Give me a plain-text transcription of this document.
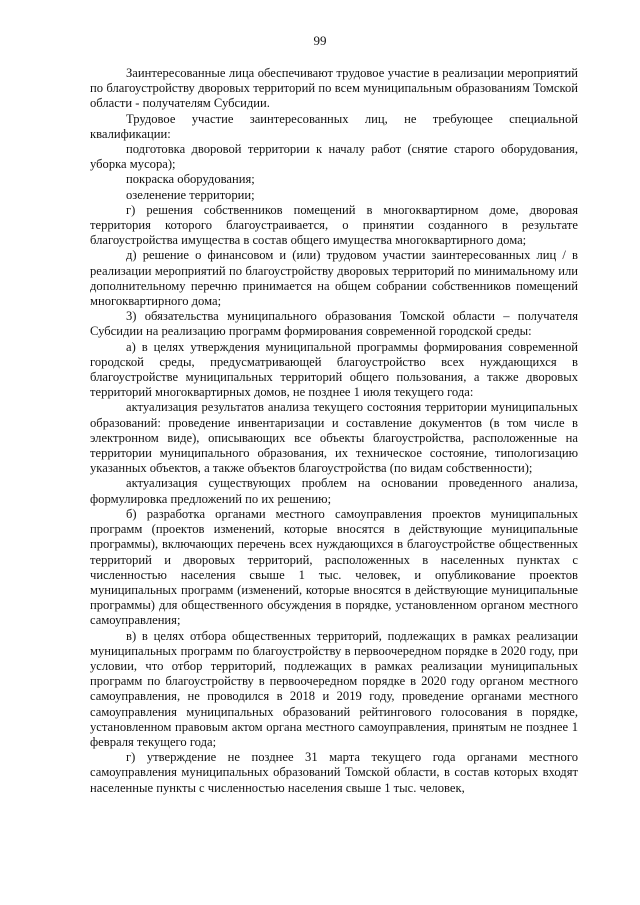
99

Заинтересованные лица обеспечивают трудовое участие в реализации мероприятий по благоустройству дворовых территорий по всем муниципальным образованиям Томской области - получателям Субсидии.

Трудовое участие заинтересованных лиц, не требующее специальной квалификации:

подготовка дворовой территории к началу работ (снятие старого оборудования, уборка мусора);

покраска оборудования;

озеленение территории;

г) решения собственников помещений в многоквартирном доме, дворовая территория которого благоустраивается, о принятии созданного в результате благоустройства имущества в состав общего имущества многоквартирного дома;

д) решение о финансовом и (или) трудовом участии заинтересованных лиц / в реализации мероприятий по благоустройству дворовых территорий по минимальному или дополнительному перечню принимается на общем собрании собственников помещений многоквартирного дома;

3) обязательства муниципального образования Томской области – получателя Субсидии на реализацию программ формирования современной городской среды:

а) в целях утверждения муниципальной программы формирования современной городской среды, предусматривающей благоустройство всех нуждающихся в благоустройстве муниципальных территорий общего пользования, а также дворовых территорий многоквартирных домов, не позднее 1 июля текущего года:

актуализация результатов анализа текущего состояния территории муниципальных образований: проведение инвентаризации и составление документов (в том числе в электронном виде), описывающих все объекты благоустройства, расположенные на территории муниципального образования, их техническое состояние, типологизацию указанных объектов, а также объектов благоустройства (по видам собственности);

актуализация существующих проблем на основании проведенного анализа, формулировка предложений по их решению;

б) разработка органами местного самоуправления проектов муниципальных программ (проектов изменений, которые вносятся в действующие муниципальные программы), включающих перечень всех нуждающихся в благоустройстве общественных территорий и дворовых территорий, расположенных в населенных пунктах с численностью населения свыше 1 тыс. человек, и опубликование проектов муниципальных программ (изменений, которые вносятся в действующие муниципальные программы) для общественного обсуждения в порядке, установленном органом местного самоуправления;

в) в целях отбора общественных территорий, подлежащих в рамках реализации муниципальных программ по благоустройству в первоочередном порядке в 2020 году, при условии, что отбор территорий, подлежащих в рамках реализации муниципальных программ по благоустройству в первоочередном порядке в 2020 году органом местного самоуправления, не проводился в 2018 и 2019 году, проведение органами местного самоуправления муниципальных образований рейтингового голосования в порядке, установленном правовым актом органа местного самоуправления, принятым не позднее 1 февраля текущего года;

г) утверждение не позднее 31 марта текущего года органами местного самоуправления муниципальных образований Томской области, в состав которых входят населенные пункты с численностью населения свыше 1 тыс. человек,
